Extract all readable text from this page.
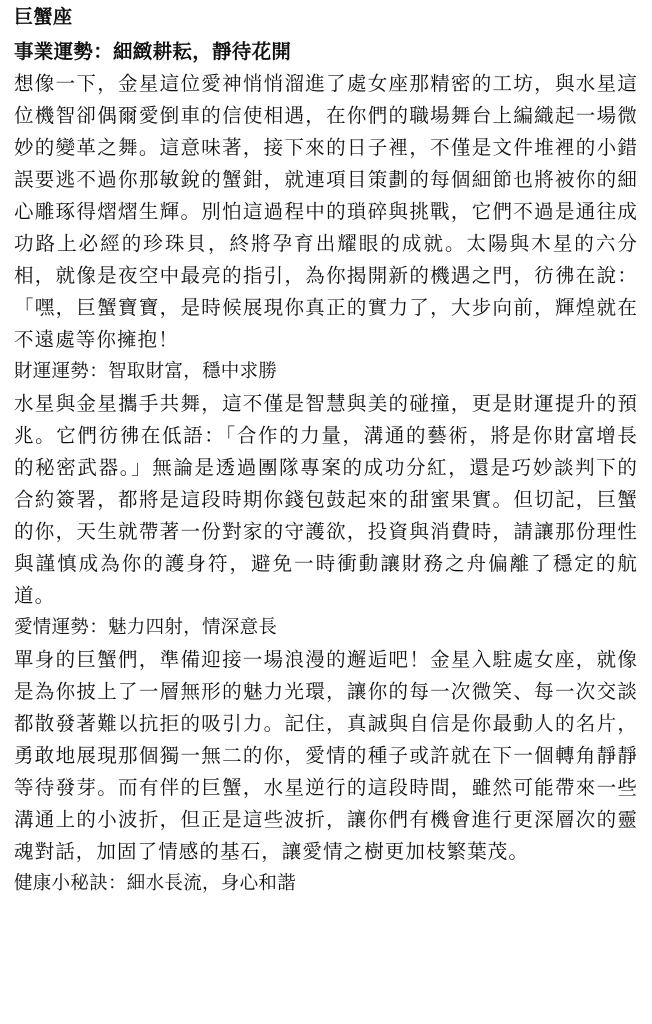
巨蟹座
事業運勢：細緻耕耘，靜待花開

想像一下，金星這位愛神悄悄溜進了處女座那精密的工坊，與水星這位機智卻偶爾愛倒車的信使相遇，在你們的職場舞台上編織起一場微妙的變革之舞。這意味著，接下來的日子裡，不僅是文件堆裡的小錯誤要逃不過你那敏銳的蟹鉗，就連項目策劃的每個細節也將被你的細心雕琢得熠熠生輝。別怕這過程中的瑣碎與挑戰，它們不過是通往成功路上必經的珍珠貝，終將孕育出耀眼的成就。太陽與木星的六分相，就像是夜空中最亮的指引，為你揭開新的機遇之門，彷彿在說：「嘿，巨蟹寶寶，是時候展現你真正的實力了，大步向前，輝煌就在不遠處等你擁抱！

財運運勢：智取財富，穩中求勝

水星與金星攜手共舞，這不僅是智慧與美的碰撞，更是財運提升的預兆。它們彷彿在低語：「合作的力量，溝通的藝術，將是你財富增長的秘密武器。」無論是透過團隊專案的成功分紅，還是巧妙談判下的合約簽署，都將是這段時期你錢包鼓起來的甜蜜果實。但切記，巨蟹的你，天生就帶著一份對家的守護欲，投資與消費時，請讓那份理性與謹慎成為你的護身符，避免一時衝動讓財務之舟偏離了穩定的航道。

愛情運勢：魅力四射，情深意長

單身的巨蟹們，準備迎接一場浪漫的邂逅吧！金星入駐處女座，就像是為你披上了一層無形的魅力光環，讓你的每一次微笑、每一次交談都散發著難以抗拒的吸引力。記住，真誠與自信是你最動人的名片，勇敢地展現那個獨一無二的你，愛情的種子或許就在下一個轉角靜靜等待發芽。而有伴的巨蟹，水星逆行的這段時間，雖然可能帶來一些溝通上的小波折，但正是這些波折，讓你們有機會進行更深層次的靈魂對話，加固了情感的基石，讓愛情之樹更加枝繁葉茂。

健康小秘訣：細水長流，身心和諧
